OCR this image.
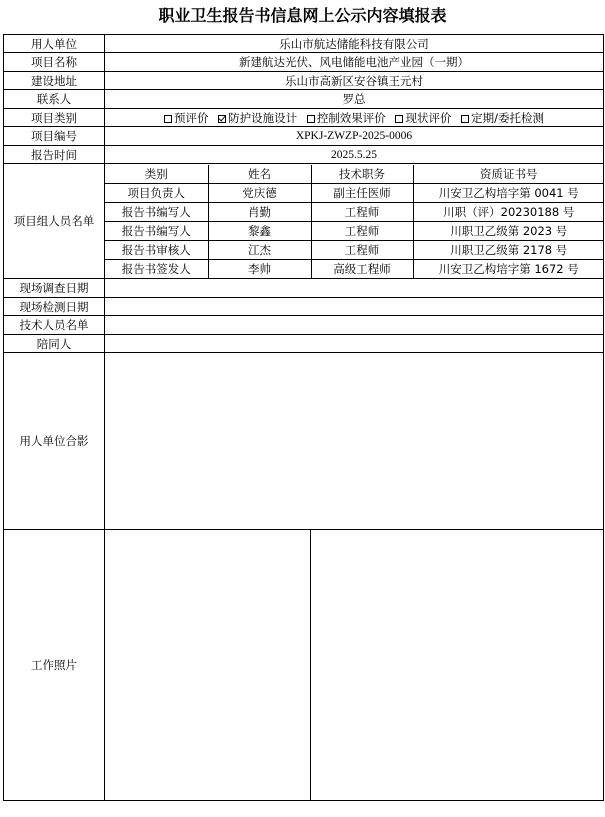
职业卫生报告书信息网上公示内容填报表
用人单位	乐山市航达储能科技有限公司
项目名称	新建航达光伏、风电储能电池产业园（一期）
建设地址	乐山市高新区安谷镇王元村
联系人	罗总
项目类别	预评价 防护设施设计 控制效果评价 现状评价 定期/委托检测
项目编号	XPKJ-ZWZP-2025-0006
报告时间	2025.5.25
项目组人员名单	
类别	姓名	技术职务	资质证书号
项目负责人	党庆德	副主任医师	川安卫乙构培字第 0041 号
报告书编写人	肖勤	工程师	川职（评）20230188 号
报告书编写人	黎鑫	工程师	川职卫乙级第 2023 号
报告书审核人	江杰	工程师	川职卫乙级第 2178 号
报告书签发人	李帅	高级工程师	川安卫乙构培字第 1672 号

现场调查日期	
现场检测日期	
技术人员名单	
陪同人	
用人单位合影	
工作照片		
